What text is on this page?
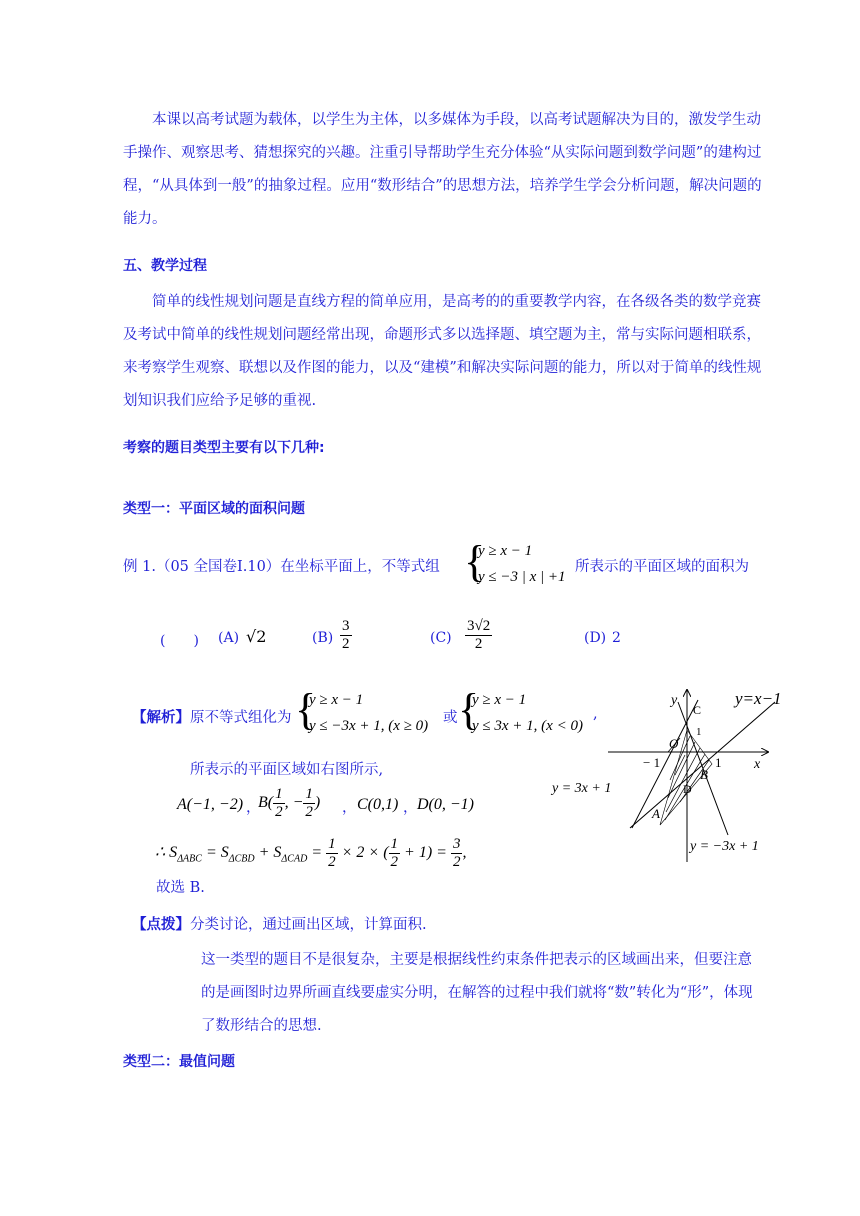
本课以高考试题为载体，以学生为主体，以多媒体为手段，以高考试题解决为目的，激发学生动手操作、观察思考、猜想探究的兴趣。注重引导帮助学生充分体验“从实际问题到数学问题”的建构过程，“从具体到一般”的抽象过程。应用“数形结合”的思想方法，培养学生学会分析问题，解决问题的能力。

五、教学过程

简单的线性规划问题是直线方程的简单应用，是高考的的重要教学内容，在各级各类的数学竞赛及考试中简单的线性规划问题经常出现，命题形式多以选择题、填空题为主，常与实际问题相联系，来考察学生观察、联想以及作图的能力，以及“建模”和解决实际问题的能力，所以对于简单的线性规划知识我们应给予足够的重视.

考察的题目类型主要有以下几种:
类型一：平面区域的面积问题
例 1.（05 全国卷Ⅰ.10）在坐标平面上，不等式组 {
y ≥ x − 1
y ≤ −3 | x | +1
所表示的平面区域的面积为
(　　) (A) √2	$(B) \frac{3}{2}$	$(C) \frac{3√2}{2}$	(D) 2
【解析】原不等式组化为 {
y ≥ x − 1
y ≤ −3x + 1, (x ≥ 0) 或 {
y ≥ x − 1
y ≤ 3x + 1, (x < 0)
,
所表示的平面区域如右图所示,
A(−1, −2) ，
$B( \frac{1}{2}$ , − $\frac{1}{2}$ ) ， C(0,1) ， D(0, −1)
∴ $S_{\Delta ABC} = S_{\Delta CBD} + S_{\Delta CAD} = \frac{1}{2} \times 2$ × ( $\frac{1}{2} + 1) = \frac{3}{2}$ ,
故选 B.
【点拨】分类讨论，通过画出区域，计算面积.

这一类型的题目不是很复杂，主要是根据线性约束条件把表示的区域画出来，但要注意的是画图时边界所画直线要虚实分明，在解答的过程中我们就将“数”转化为“形”，体现了数形结合的思想.

类型二：最值问题
y
x
C
1
O
− 1	1
B
D
A
y=x−1
y = 3x + 1
y = −3x + 1
